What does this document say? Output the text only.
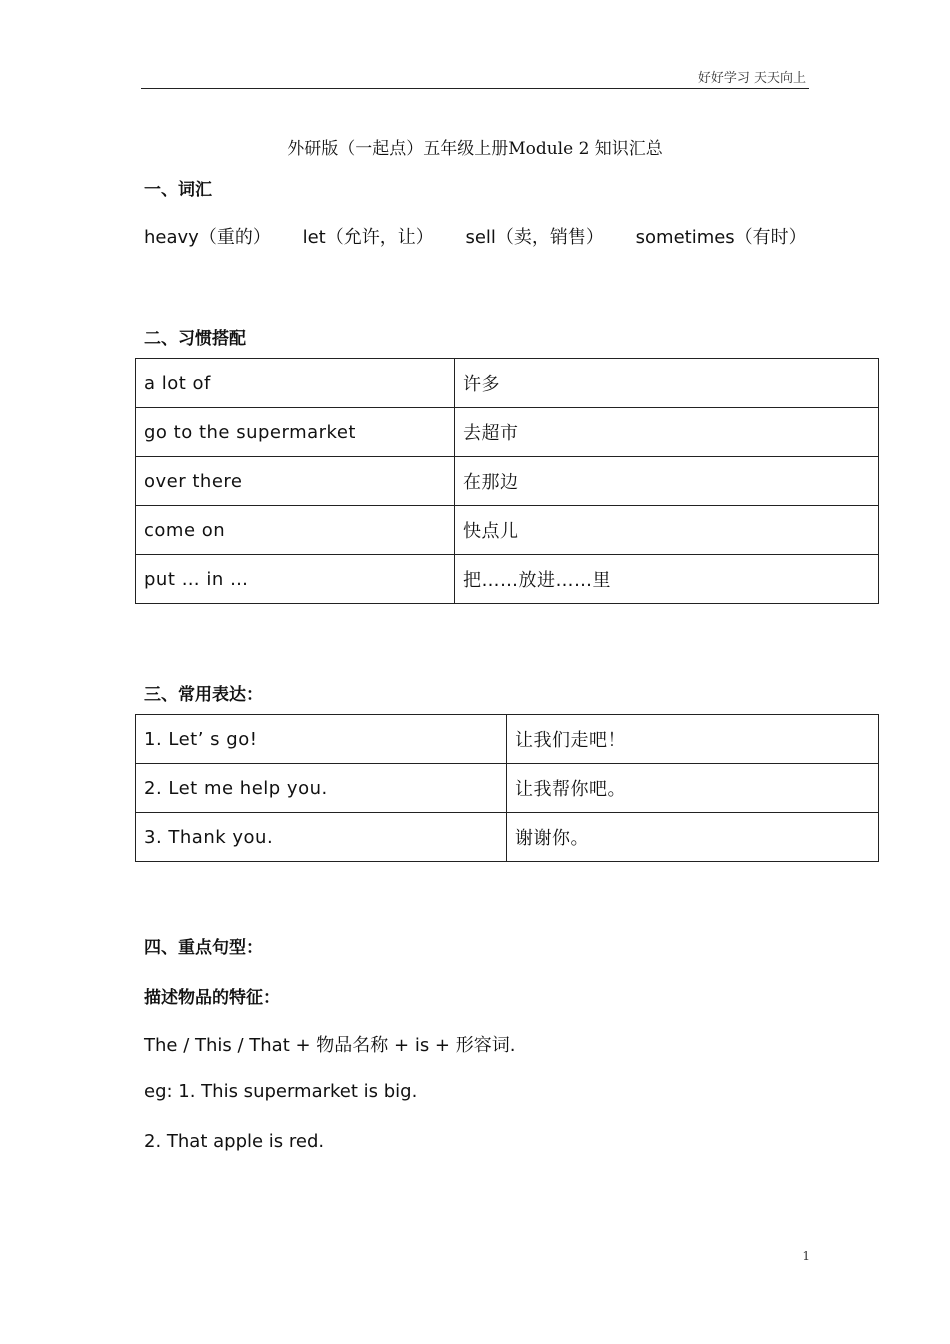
好好学习 天天向上
外研版（一起点）五年级上册Module 2 知识汇总
一、词汇
heavy（重的） let（允许，让） sell（卖，销售） sometimes（有时）
二、习惯搭配
a lot of	许多
go to the supermarket	去超市
over there	在那边
come on	快点儿
put … in …	把……放进……里
三、常用表达：
1. Let’ s go!	让我们走吧！
2. Let me help you.	让我帮你吧。
3. Thank you.	谢谢你。
四、重点句型：
描述物品的特征：
The / This / That + 物品名称 + is + 形容词.
eg: 1. This supermarket is big.
2. That apple is red.
1
